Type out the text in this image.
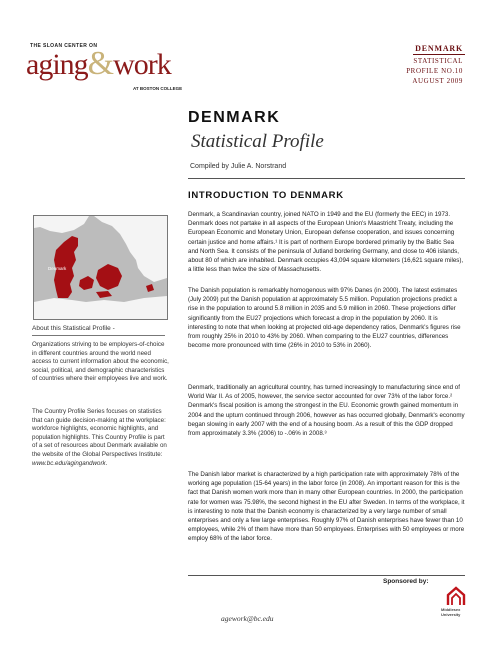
THE SLOAN CENTER ON
aging&work
AT BOSTON COLLEGE
DENMARK
STATISTICAL
PROFILE NO.10
AUGUST 2009
DENMARK
Statistical Profile
Compiled by Julie A. Norstrand
INTRODUCTION TO DENMARK
Denmark, a Scandinavian country, joined NATO in 1949 and the EU (formerly the EEC) in 1973. Denmark does not partake in all aspects of the European Union's Maastricht Treaty, including the European Economic and Monetary Union, European defense cooperation, and issues concerning certain justice and home affairs.¹ It is part of northern Europe bordered primarily by the Baltic Sea and North Sea. It consists of the peninsula of Jutland bordering Germany, and close to 406 islands, about 80 of which are inhabited. Denmark occupies 43,094 square kilometers (16,621 square miles), a little less than twice the size of Massachusetts.
The Danish population is remarkably homogenous with 97% Danes (in 2000). The latest estimates (July 2009) put the Danish population at approximately 5.5 million. Population projections predict a rise in the population to around 5.8 million in 2035 and 5.9 million in 2060. These projections differ significantly from the EU27 projections which forecast a drop in the population by 2060. It is interesting to note that when looking at projected old-age dependency ratios, Denmark's figures rise from roughly 25% in 2010 to 43% by 2060. When comparing to the EU27 countries, differences become more pronounced with time (26% in 2010 to 53% in 2060).
Denmark, traditionally an agricultural country, has turned increasingly to manufacturing since end of World War II. As of 2005, however, the service sector accounted for over 73% of the labor force.² Denmark's fiscal position is among the strongest in the EU. Economic growth gained momentum in 2004 and the upturn continued through 2006, however as has occurred globally, Denmark's economy began slowing in early 2007 with the end of a housing boom. As a result of this the GDP dropped from approximately 3.3% (2006) to -.06% in 2008.³
The Danish labor market is characterized by a high participation rate with approximately 78% of the working age population (15-64 years) in the labor force (in 2008). An important reason for this is the fact that Danish women work more than in many other European countries. In 2000, the participation rate for women was 75.98%, the second highest in the EU after Sweden. In terms of the workplace, it is interesting to note that the Danish economy is characterized by a very large number of small enterprises and only a few large enterprises. Roughly 97% of Danish enterprises have fewer than 10 employees, while 2% of them have more than 50 employees. Enterprises with 50 employees or more employ 68% of the labor force.
Denmark
About this Statistical Profile -
Organizations striving to be employers-of-choice in different countries around the world need access to current information about the economic, social, political, and demographic characteristics of countries where their employees live and work.
The Country Profile Series focuses on statistics that can guide decision-making at the workplace: workforce highlights, economic highlights, and population highlights. This Country Profile is part of a set of resources about Denmark available on the website of the Global Perspectives Institute: www.bc.edu/agingandwork.
Sponsored by:
Middlesex
University
agework@bc.edu
